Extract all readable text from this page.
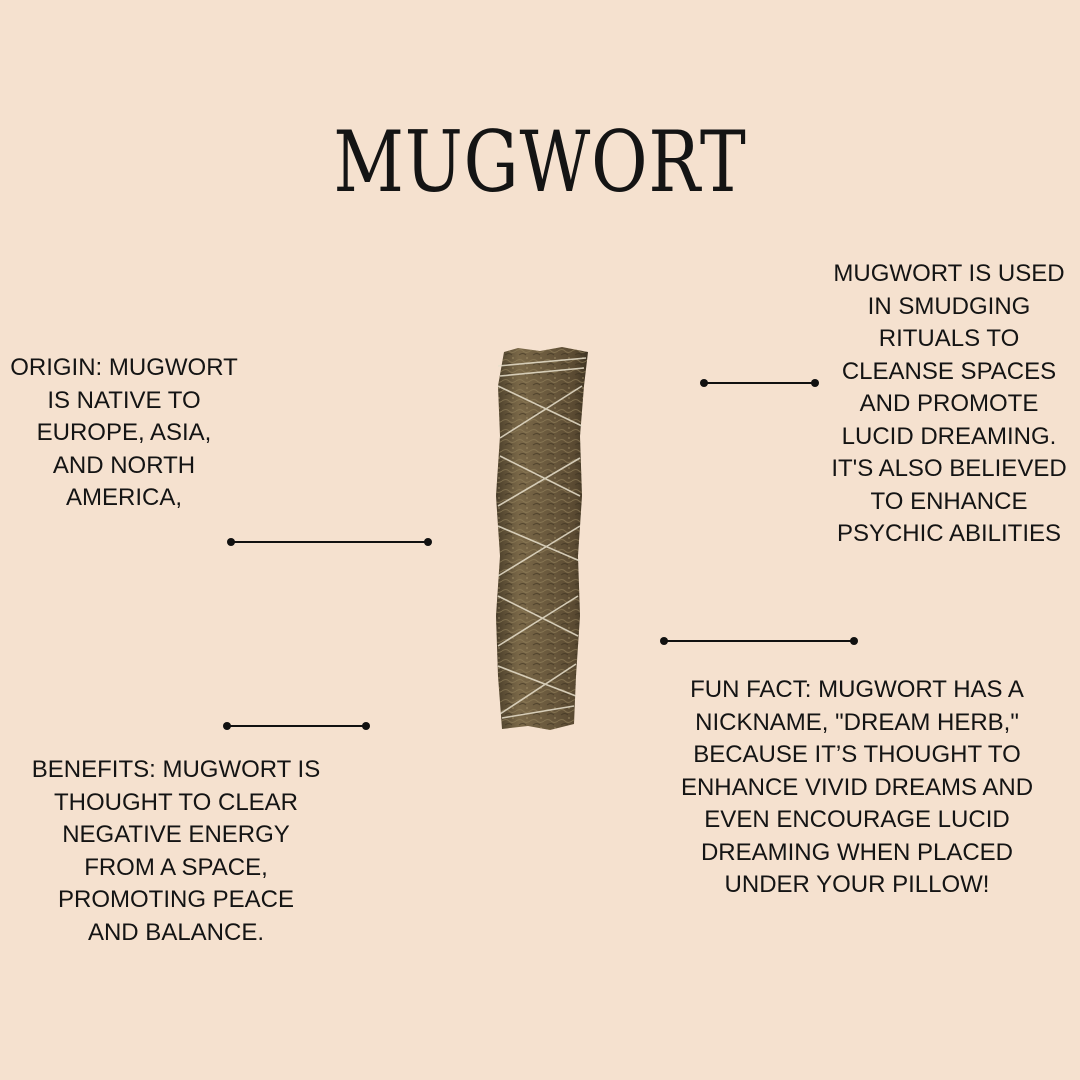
MUGWORT

ORIGIN: MUGWORT
IS NATIVE TO
EUROPE, ASIA,
AND NORTH
AMERICA,

MUGWORT IS USED
IN SMUDGING
RITUALS TO
CLEANSE SPACES
AND PROMOTE
LUCID DREAMING.
IT'S ALSO BELIEVED
TO ENHANCE
PSYCHIC ABILITIES

FUN FACT: MUGWORT HAS A
NICKNAME, "DREAM HERB,"
BECAUSE IT’S THOUGHT TO
ENHANCE VIVID DREAMS AND
EVEN ENCOURAGE LUCID
DREAMING WHEN PLACED
UNDER YOUR PILLOW!

BENEFITS: MUGWORT IS
THOUGHT TO CLEAR
NEGATIVE ENERGY
FROM A SPACE,
PROMOTING PEACE
AND BALANCE.
